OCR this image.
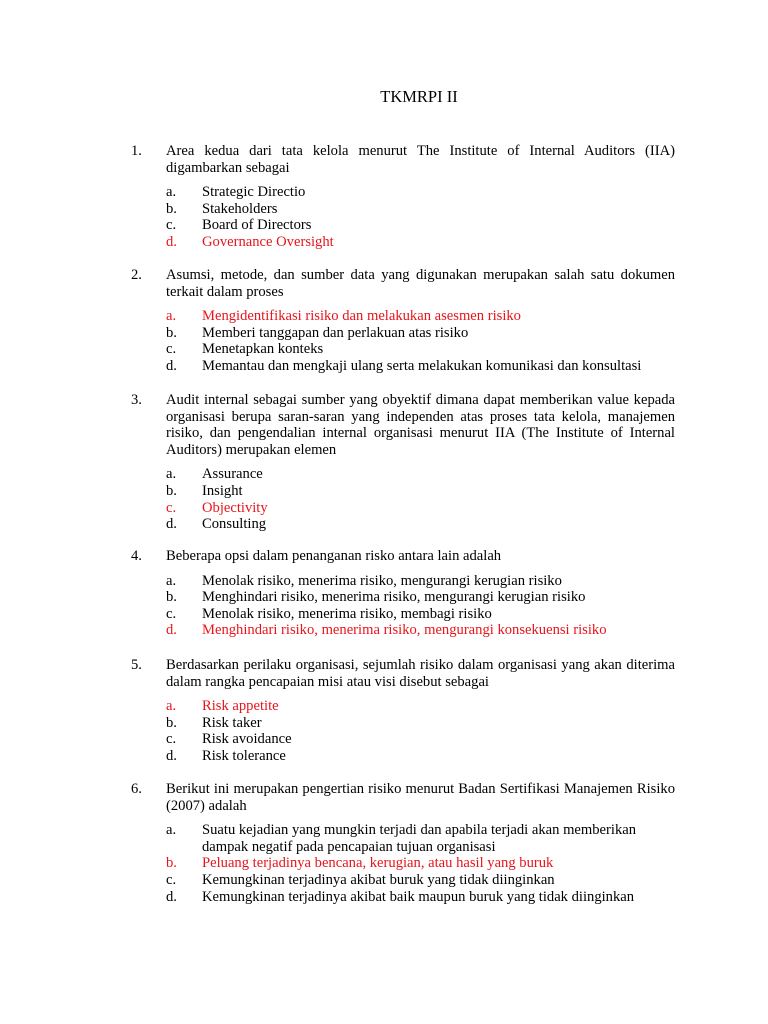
TKMRPI II
1.	Area kedua dari tata kelola menurut The Institute of Internal Auditors (IIA) digambarkan sebagai
a.	Strategic Directio
b.	Stakeholders
c.	Board of Directors
d.	Governance Oversight
2.	Asumsi, metode, dan sumber data yang digunakan merupakan salah satu dokumen terkait dalam proses
a.	Mengidentifikasi risiko dan melakukan asesmen risiko
b.	Memberi tanggapan dan perlakuan atas risiko
c.	Menetapkan konteks
d.	Memantau dan mengkaji ulang serta melakukan komunikasi dan konsultasi
3.	Audit internal sebagai sumber yang obyektif dimana dapat memberikan value kepada organisasi berupa saran-saran yang independen atas proses tata kelola, manajemen risiko, dan pengendalian internal organisasi menurut IIA (The Institute of Internal Auditors) merupakan elemen
a.	Assurance
b.	Insight
c.	Objectivity
d.	Consulting
4.	Beberapa opsi dalam penanganan risko antara lain adalah
a.	Menolak risiko, menerima risiko, mengurangi kerugian risiko
b.	Menghindari risiko, menerima risiko, mengurangi kerugian risiko
c.	Menolak risiko, menerima risiko, membagi risiko
d.	Menghindari risiko, menerima risiko, mengurangi konsekuensi risiko
5.	Berdasarkan perilaku organisasi, sejumlah risiko dalam organisasi yang akan diterima dalam rangka pencapaian misi atau visi disebut sebagai
a.	Risk appetite
b.	Risk taker
c.	Risk avoidance
d.	Risk tolerance
6.	Berikut ini merupakan pengertian risiko menurut Badan Sertifikasi Manajemen Risiko (2007) adalah
a.	Suatu kejadian yang mungkin terjadi dan apabila terjadi akan memberikan dampak negatif pada pencapaian tujuan organisasi
b.	Peluang terjadinya bencana, kerugian, atau hasil yang buruk
c.	Kemungkinan terjadinya akibat buruk yang tidak diinginkan
d.	Kemungkinan terjadinya akibat baik maupun buruk yang tidak diinginkan
